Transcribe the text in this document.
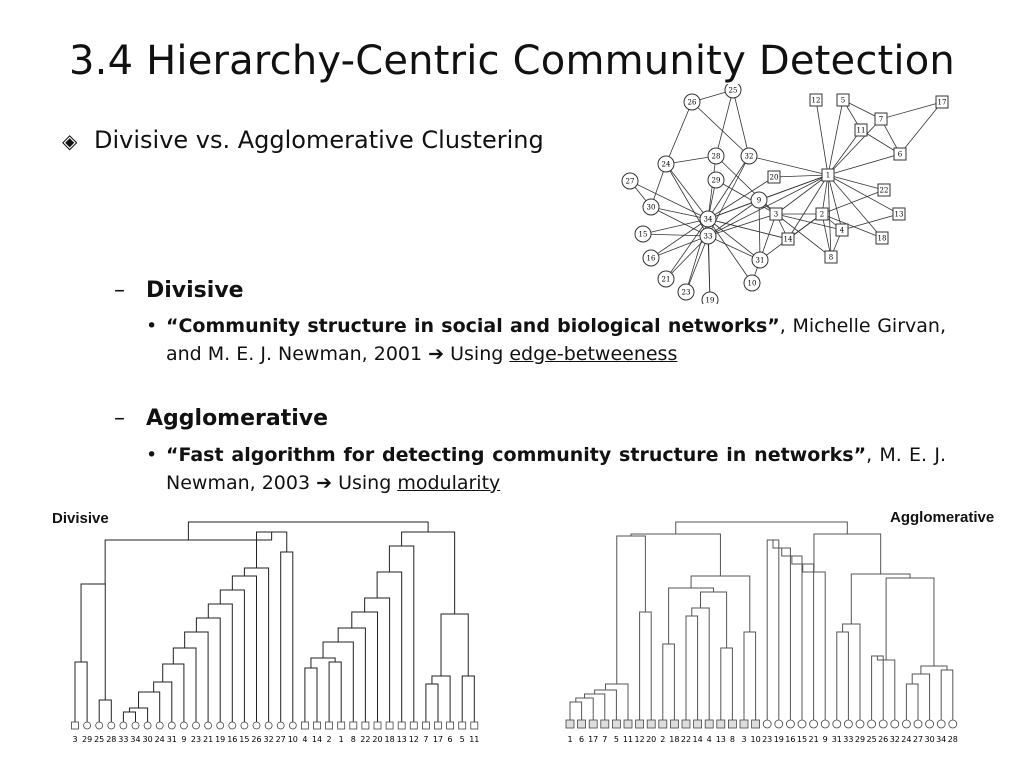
3.4 Hierarchy-Centric Community Detection
◈ Divisive vs. Agglomerative Clustering
– Divisive
• “Community structure in social and biological networks”, Michelle Girvan, and M. E. J. Newman, 2001 ➔ Using edge-betweeness
– Agglomerative
• “Fast algorithm for detecting community structure in networks”, M. E. J. Newman, 2003 ➔ Using modularity
Divisive	Agglomerative
26
25
24
28	32
29
27
30
34
15
16
21
23
19
31
33
10
9
12	5	17
11
7
6
1
20
22
3	2	13
14
4
18
8
3 29 25 28 33 34 30 24 31 9 23 21 19 16 15 26 32 27 10 4 14 2 1 8 22 20 18 13 12 7 17 6 5 11	1 6 17 7 5 11 12 20 2 18 22 14 4 13 8 3 10 23 19 16 15 21 9 31 33 29 25 26 32 24 27 30 34 28
